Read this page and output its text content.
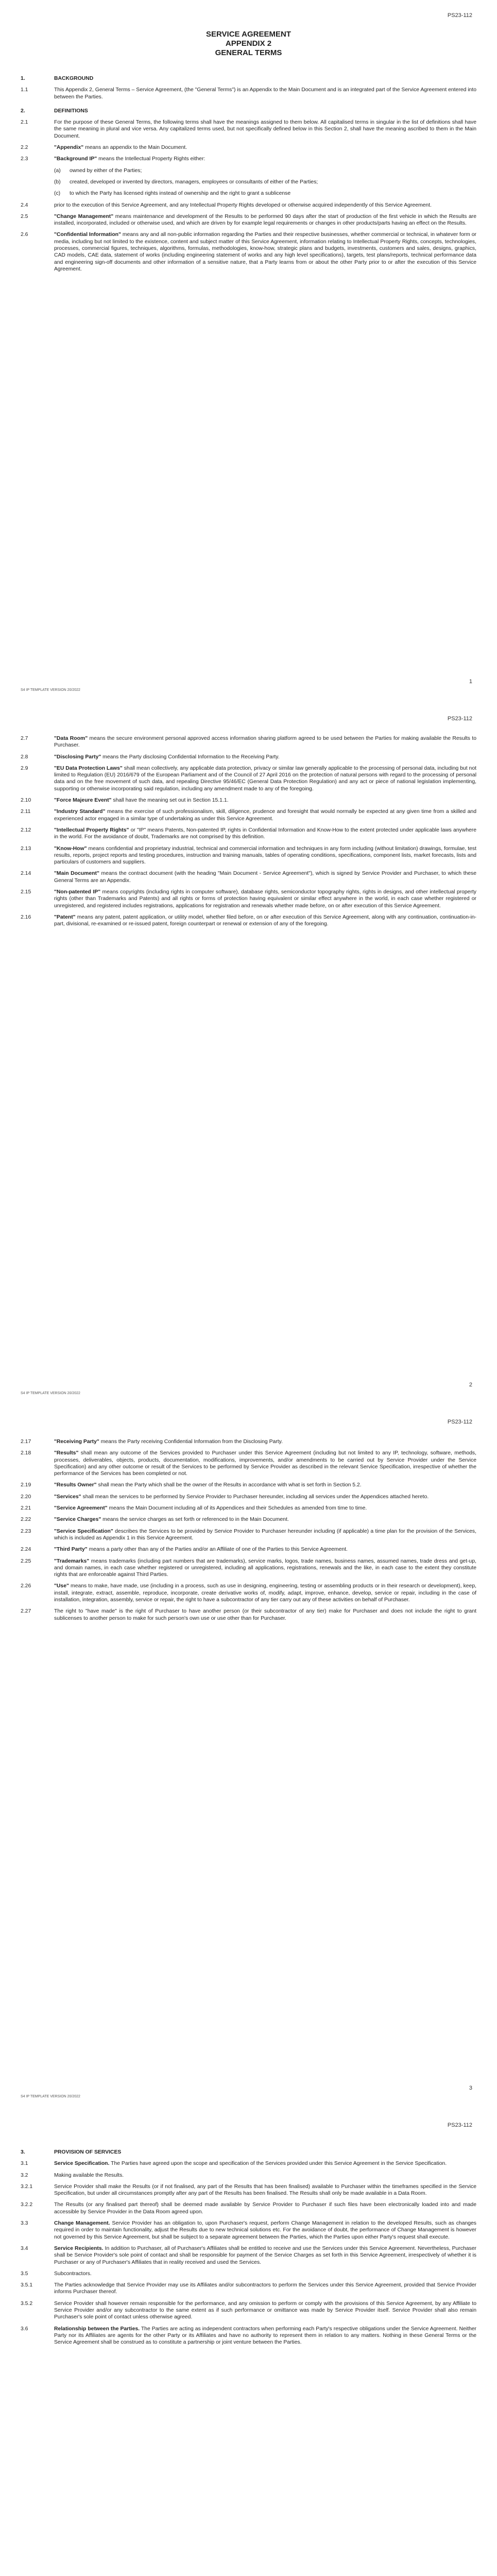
PS23-112
SERVICE AGREEMENT
APPENDIX 2
GENERAL TERMS
1.	BACKGROUND
1.1	This Appendix 2, General Terms – Service Agreement, (the "General Terms") is an Appendix to the Main Document and is an integrated part of the Service Agreement entered into between the Parties.
2.	DEFINITIONS
2.1	For the purpose of these General Terms, the following terms shall have the meanings assigned to them below. All capitalised terms in singular in the list of definitions shall have the same meaning in plural and vice versa. Any capitalized terms used, but not specifically defined below in this Section 2, shall have the meaning ascribed to them in the Main Document.
2.2	"Appendix" means an appendix to the Main Document.
2.3	"Background IP" means the Intellectual Property Rights either:
(a) owned by either of the Parties;
(b) created, developed or invented by directors, managers, employees or consultants of either of the Parties;
(c) to which the Party has licensed rights instead of ownership and the right to grant a sublicense
2.4	prior to the execution of this Service Agreement, and any Intellectual Property Rights developed or otherwise acquired independently of this Service Agreement.
2.5	"Change Management" means maintenance and development of the Results to be performed 90 days after the start of production of the first vehicle in which the Results are installed, incorporated, included or otherwise used, and which are driven by for example legal requirements or changes in other products/parts having an effect on the Results.
2.6	"Confidential Information" means any and all non-public information regarding the Parties and their respective businesses, whether commercial or technical, in whatever form or media, including but not limited to the existence, content and subject matter of this Service Agreement, information relating to Intellectual Property Rights, concepts, technologies, processes, commercial figures, techniques, algorithms, formulas, methodologies, know-how, strategic plans and budgets, investments, customers and sales, designs, graphics, CAD models, CAE data, statement of works (including engineering statement of works and any high level specifications), targets, test plans/reports, technical performance data and engineering sign-off documents and other information of a sensitive nature, that a Party learns from or about the other Party prior to or after the execution of this Service Agreement.
1
S4 IP TEMPLATE VERSION 20/2022
PS23-112
2.7	"Data Room" means the secure environment personal approved access information sharing platform agreed to be used between the Parties for making available the Results to Purchaser.
2.8	"Disclosing Party" means the Party disclosing Confidential Information to the Receiving Party.
2.9	"EU Data Protection Laws" shall mean collectively, any applicable data protection, privacy or similar law generally applicable to the processing of personal data, including but not limited to Regulation (EU) 2016/679 of the European Parliament and of the Council of 27 April 2016 on the protection of natural persons with regard to the processing of personal data and on the free movement of such data, and repealing Directive 95/46/EC (General Data Protection Regulation) and any act or piece of national legislation implementing, supporting or otherwise incorporating said regulation, including any amendment made to any of the foregoing.
2.10	"Force Majeure Event" shall have the meaning set out in Section 15.1.1.
2.11	"Industry Standard" means the exercise of such professionalism, skill, diligence, prudence and foresight that would normally be expected at any given time from a skilled and experienced actor engaged in a similar type of undertaking as under this Service Agreement.
2.12	"Intellectual Property Rights" or "IP" means Patents, Non-patented IP, rights in Confidential Information and Know-How to the extent protected under applicable laws anywhere in the world. For the avoidance of doubt, Trademarks are not comprised by this definition.
2.13	"Know-How" means confidential and proprietary industrial, technical and commercial information and techniques in any form including (without limitation) drawings, formulae, test results, reports, project reports and testing procedures, instruction and training manuals, tables of operating conditions, specifications, component lists, market forecasts, lists and particulars of customers and suppliers.
2.14	"Main Document" means the contract document (with the heading "Main Document - Service Agreement"), which is signed by Service Provider and Purchaser, to which these General Terms are an Appendix.
2.15	"Non-patented IP" means copyrights (including rights in computer software), database rights, semiconductor topography rights, rights in designs, and other intellectual property rights (other than Trademarks and Patents) and all rights or forms of protection having equivalent or similar effect anywhere in the world, in each case whether registered or unregistered, and registered includes registrations, applications for registration and renewals whether made before, on or after execution of this Service Agreement.
2.16	"Patent" means any patent, patent application, or utility model, whether filed before, on or after execution of this Service Agreement, along with any continuation, continuation-in-part, divisional, re-examined or re-issued patent, foreign counterpart or renewal or extension of any of the foregoing.
2
S4 IP TEMPLATE VERSION 20/2022
PS23-112
2.17	"Receiving Party" means the Party receiving Confidential Information from the Disclosing Party.
2.18	"Results" shall mean any outcome of the Services provided to Purchaser under this Service Agreement (including but not limited to any IP, technology, software, methods, processes, deliverables, objects, products, documentation, modifications, improvements, and/or amendments to be carried out by Service Provider under the Service Specification) and any other outcome or result of the Services to be performed by Service Provider as described in the relevant Service Specification, irrespective of whether the performance of the Services has been completed or not.
2.19	"Results Owner" shall mean the Party which shall be the owner of the Results in accordance with what is set forth in Section 5.2.
2.20	"Services" shall mean the services to be performed by Service Provider to Purchaser hereunder, including all services under the Appendices attached hereto.
2.21	"Service Agreement" means the Main Document including all of its Appendices and their Schedules as amended from time to time.
2.22	"Service Charges" means the service charges as set forth or referenced to in the Main Document.
2.23	"Service Specification" describes the Services to be provided by Service Provider to Purchaser hereunder including (if applicable) a time plan for the provision of the Services, which is included as Appendix 1 in this Service Agreement.
2.24	"Third Party" means a party other than any of the Parties and/or an Affiliate of one of the Parties to this Service Agreement.
2.25	"Trademarks" means trademarks (including part numbers that are trademarks), service marks, logos, trade names, business names, assumed names, trade dress and get-up, and domain names, in each case whether registered or unregistered, including all applications, registrations, renewals and the like, in each case to the extent they constitute rights that are enforceable against Third Parties.
2.26	"Use" means to make, have made, use (including in a process, such as use in designing, engineering, testing or assembling products or in their research or development), keep, install, integrate, extract, assemble, reproduce, incorporate, create derivative works of, modify, adapt, improve, enhance, develop, service or repair, including in the case of installation, integration, assembly, service or repair, the right to have a subcontractor of any tier carry out any of these activities on behalf of Purchaser.
2.27	The right to "have made" is the right of Purchaser to have another person (or their subcontractor of any tier) make for Purchaser and does not include the right to grant sublicenses to another person to make for such person's own use or use other than for Purchaser.
3
S4 IP TEMPLATE VERSION 20/2022
PS23-112
3.	PROVISION OF SERVICES
3.1	Service Specification. The Parties have agreed upon the scope and specification of the Services provided under this Service Agreement in the Service Specification.
3.2	Making available the Results.
3.2.1	Service Provider shall make the Results (or if not finalised, any part of the Results that has been finalised) available to Purchaser within the timeframes specified in the Service Specification, but under all circumstances promptly after any part of the Results has been finalised. The Results shall only be made available in a Data Room.
3.2.2	The Results (or any finalised part thereof) shall be deemed made available by Service Provider to Purchaser if such files have been electronically loaded into and made accessible by Service Provider in the Data Room agreed upon.
3.3	Change Management. Service Provider has an obligation to, upon Purchaser's request, perform Change Management in relation to the developed Results, such as changes required in order to maintain functionality, adjust the Results due to new technical solutions etc. For the avoidance of doubt, the performance of Change Management is however not governed by this Service Agreement, but shall be subject to a separate agreement between the Parties, which the Parties upon either Party's request shall execute.
3.4	Service Recipients. In addition to Purchaser, all of Purchaser's Affiliates shall be entitled to receive and use the Services under this Service Agreement. Nevertheless, Purchaser shall be Service Provider's sole point of contact and shall be responsible for payment of the Service Charges as set forth in this Service Agreement, irrespectively of whether it is Purchaser or any of Purchaser's Affiliates that in reality received and used the Services.
3.5	Subcontractors.
3.5.1	The Parties acknowledge that Service Provider may use its Affiliates and/or subcontractors to perform the Services under this Service Agreement, provided that Service Provider informs Purchaser thereof.
3.5.2	Service Provider shall however remain responsible for the performance, and any omission to perform or comply with the provisions of this Service Agreement, by any Affiliate to Service Provider and/or any subcontractor to the same extent as if such performance or omittance was made by Service Provider itself. Service Provider shall also remain Purchaser's sole point of contact unless otherwise agreed.
3.6	Relationship between the Parties. The Parties are acting as independent contractors when performing each Party's respective obligations under the Service Agreement. Neither Party nor its Affiliates are agents for the other Party or its Affiliates and have no authority to represent them in relation to any matters. Nothing in these General Terms or the Service Agreement shall be construed as to constitute a partnership or joint venture between the Parties.
